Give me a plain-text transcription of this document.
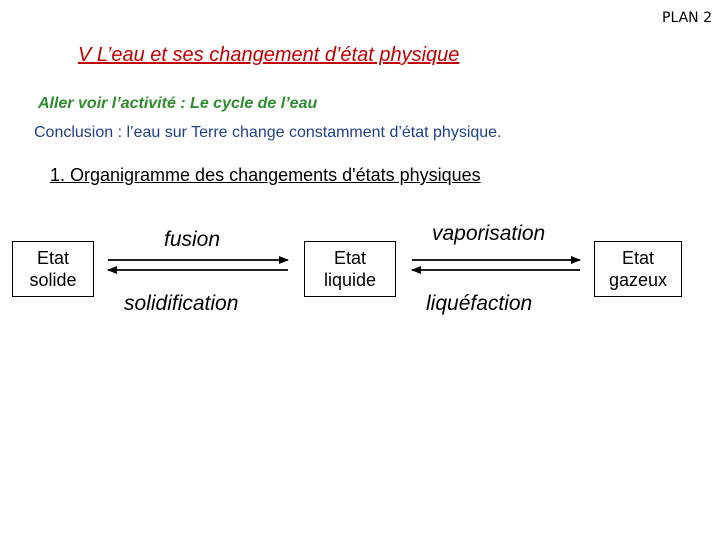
PLAN 2
V L’eau et ses changement d’état physique
Aller voir l’activité : Le cycle de l’eau
Conclusion : l’eau sur Terre change constamment d’état physique.
1. Organigramme des changements d'états physiques
Etat
solide
Etat
liquide
Etat
gazeux
fusion
solidification
vaporisation
liquéfaction
